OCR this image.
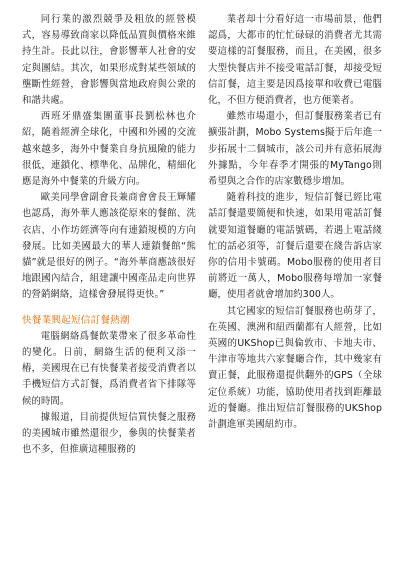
同行業的激烈競爭及粗放的經營模式，容易導致商家以降低品質與價格來維持生計。長此以往，會影響華人社會的安定與團結。其次，如果形成對某些領域的壟斷性經營，會影響與當地政府與公衆的和諧共處。

西班牙鼎盛集團董事長劉松林也介紹，隨着經濟全球化，中國和外國的交流越來越多，海外中餐業自身抗風險的能力很低，連鎖化、標準化、品牌化，精細化應是海外中餐業的升級方向。

歐美同學會副會長兼商會會長王輝耀也認爲，海外華人應該從原來的餐館、洗衣店、小作坊經濟等向有連鎖規模的方向發展。比如美國最大的華人連鎖餐館“熊貓”就是很好的例子。“海外華商應該很好地跟國內結合，組建讓中國產品走向世界的營銷網絡，這樣會發展得更快。”

快餐業興起短信訂餐熱潮

電腦網絡爲餐飲業帶來了很多革命性的變化。日前，網絡生活的便利又添一樁，美國現在已有快餐業者接受消費者以手機短信方式訂餐，爲消費者省下排隊等候的時間。

據報道，目前提供短信買快餐之服務的美國城市雖然還很少，參與的快餐業者也不多，但推廣這種服務的

業者却十分看好這一市場前景，他們認爲，大都市的忙忙碌碌的消費者尤其需要這樣的訂餐服務，而且，在美國，很多大型快餐店并不接受電話訂餐，却接受短信訂餐，這主要是因爲接單和收費已電腦化，不但方便消費者，也方便業者。

雖然市場還小，但訂餐服務業者已有擴張計劃，Mobo Systems擬于后年進一步拓展十二個城市，該公司并有意拓展海外據點，今年春季才開張的MyTango則希望與之合作的店家數穩步增加。

隨着科技的進步，短信訂餐已經比電話訂餐還要簡便和快速，如果用電話訂餐就要知道餐廳的電話號碼，若遇上電話綫忙的話必須等，訂餐后還要在綫告訴店家你的信用卡號碼。Mobo服務的使用者目前將近一萬人，Mobo服務每增加一家餐廳，使用者就會增加約300人。

其它國家的短信訂餐服務也萌芽了，在英國、澳洲和紐西蘭都有人經營，比如英國的UKShop已與倫敦市、卡地夫市、牛津市等地共六家餐廳合作，其中幾家有賣正餐，此服務還提供翻外的GPS（全球定位系統）功能，協助使用者找到距離最近的餐廳。推出短信訂餐服務的UKShop計劃進軍美國紐約市。
